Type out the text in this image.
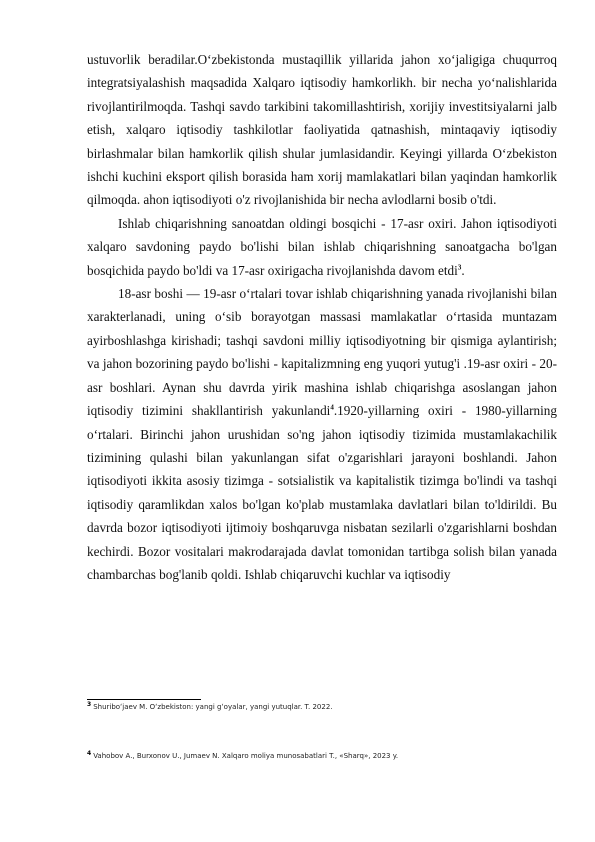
ustuvorlik beradilar.Oʻzbekistonda mustaqillik yillarida jahon xoʻjaligiga chuqurroq integratsiyalashish maqsadida Xalqaro iqtisodiy hamkorlikh. bir necha yoʻnalishlarida rivojlantirilmoqda. Tashqi savdo tarkibini takomillashtirish, xorijiy investitsiyalarni jalb etish, xalqaro iqtisodiy tashkilotlar faoliyatida qatnashish, mintaqaviy iqtisodiy birlashmalar bilan hamkorlik qilish shular jumlasidandir. Keyingi yillarda Oʻzbekiston ishchi kuchini eksport qilish borasida ham xorij mamlakatlari bilan yaqindan hamkorlik qilmoqda. ahon iqtisodiyoti o'z rivojlanishida bir necha avlodlarni bosib o'tdi.

Ishlab chiqarishning sanoatdan oldingi bosqichi - 17-asr oxiri. Jahon iqtisodiyoti xalqaro savdoning paydo bo'lishi bilan ishlab chiqarishning sanoatgacha bo'lgan bosqichida paydo bo'ldi va 17-asr oxirigacha rivojlanishda davom etdi$^3$.

18-asr boshi — 19-asr oʻrtalari tovar ishlab chiqarishning yanada rivojlanishi bilan xarakterlanadi, uning oʻsib borayotgan massasi mamlakatlar oʻrtasida muntazam ayirboshlashga kirishadi; tashqi savdoni milliy iqtisodiyotning bir qismiga aylantirish; va jahon bozorining paydo bo'lishi - kapitalizmning eng yuqori yutug'i .19-asr oxiri - 20-asr boshlari. Aynan shu davrda yirik mashina ishlab chiqarishga asoslangan jahon iqtisodiy tizimini shakllantirish yakunlandi$^4$.1920-yillarning oxiri - 1980-yillarning oʻrtalari. Birinchi jahon urushidan so'ng jahon iqtisodiy tizimida mustamlakachilik tizimining qulashi bilan yakunlangan sifat o'zgarishlari jarayoni boshlandi. Jahon iqtisodiyoti ikkita asosiy tizimga - sotsialistik va kapitalistik tizimga bo'lindi va tashqi iqtisodiy qaramlikdan xalos bo'lgan ko'plab mustamlaka davlatlari bilan to'ldirildi. Bu davrda bozor iqtisodiyoti ijtimoiy boshqaruvga nisbatan sezilarli o'zgarishlarni boshdan kechirdi. Bozor vositalari makrodarajada davlat tomonidan tartibga solish bilan yanada chambarchas bog'lanib qoldi. Ishlab chiqaruvchi kuchlar va iqtisodiy

$^3$ Shuriboʻjaev M. Oʻzbekiston: yangi gʻoyalar, yangi yutuqlar. T. 2022.
$^4$ Vahobov A., Burxonov U., Jumaev N. Xalqaro moliya munosabatlari T., «Sharq», 2023 y.
